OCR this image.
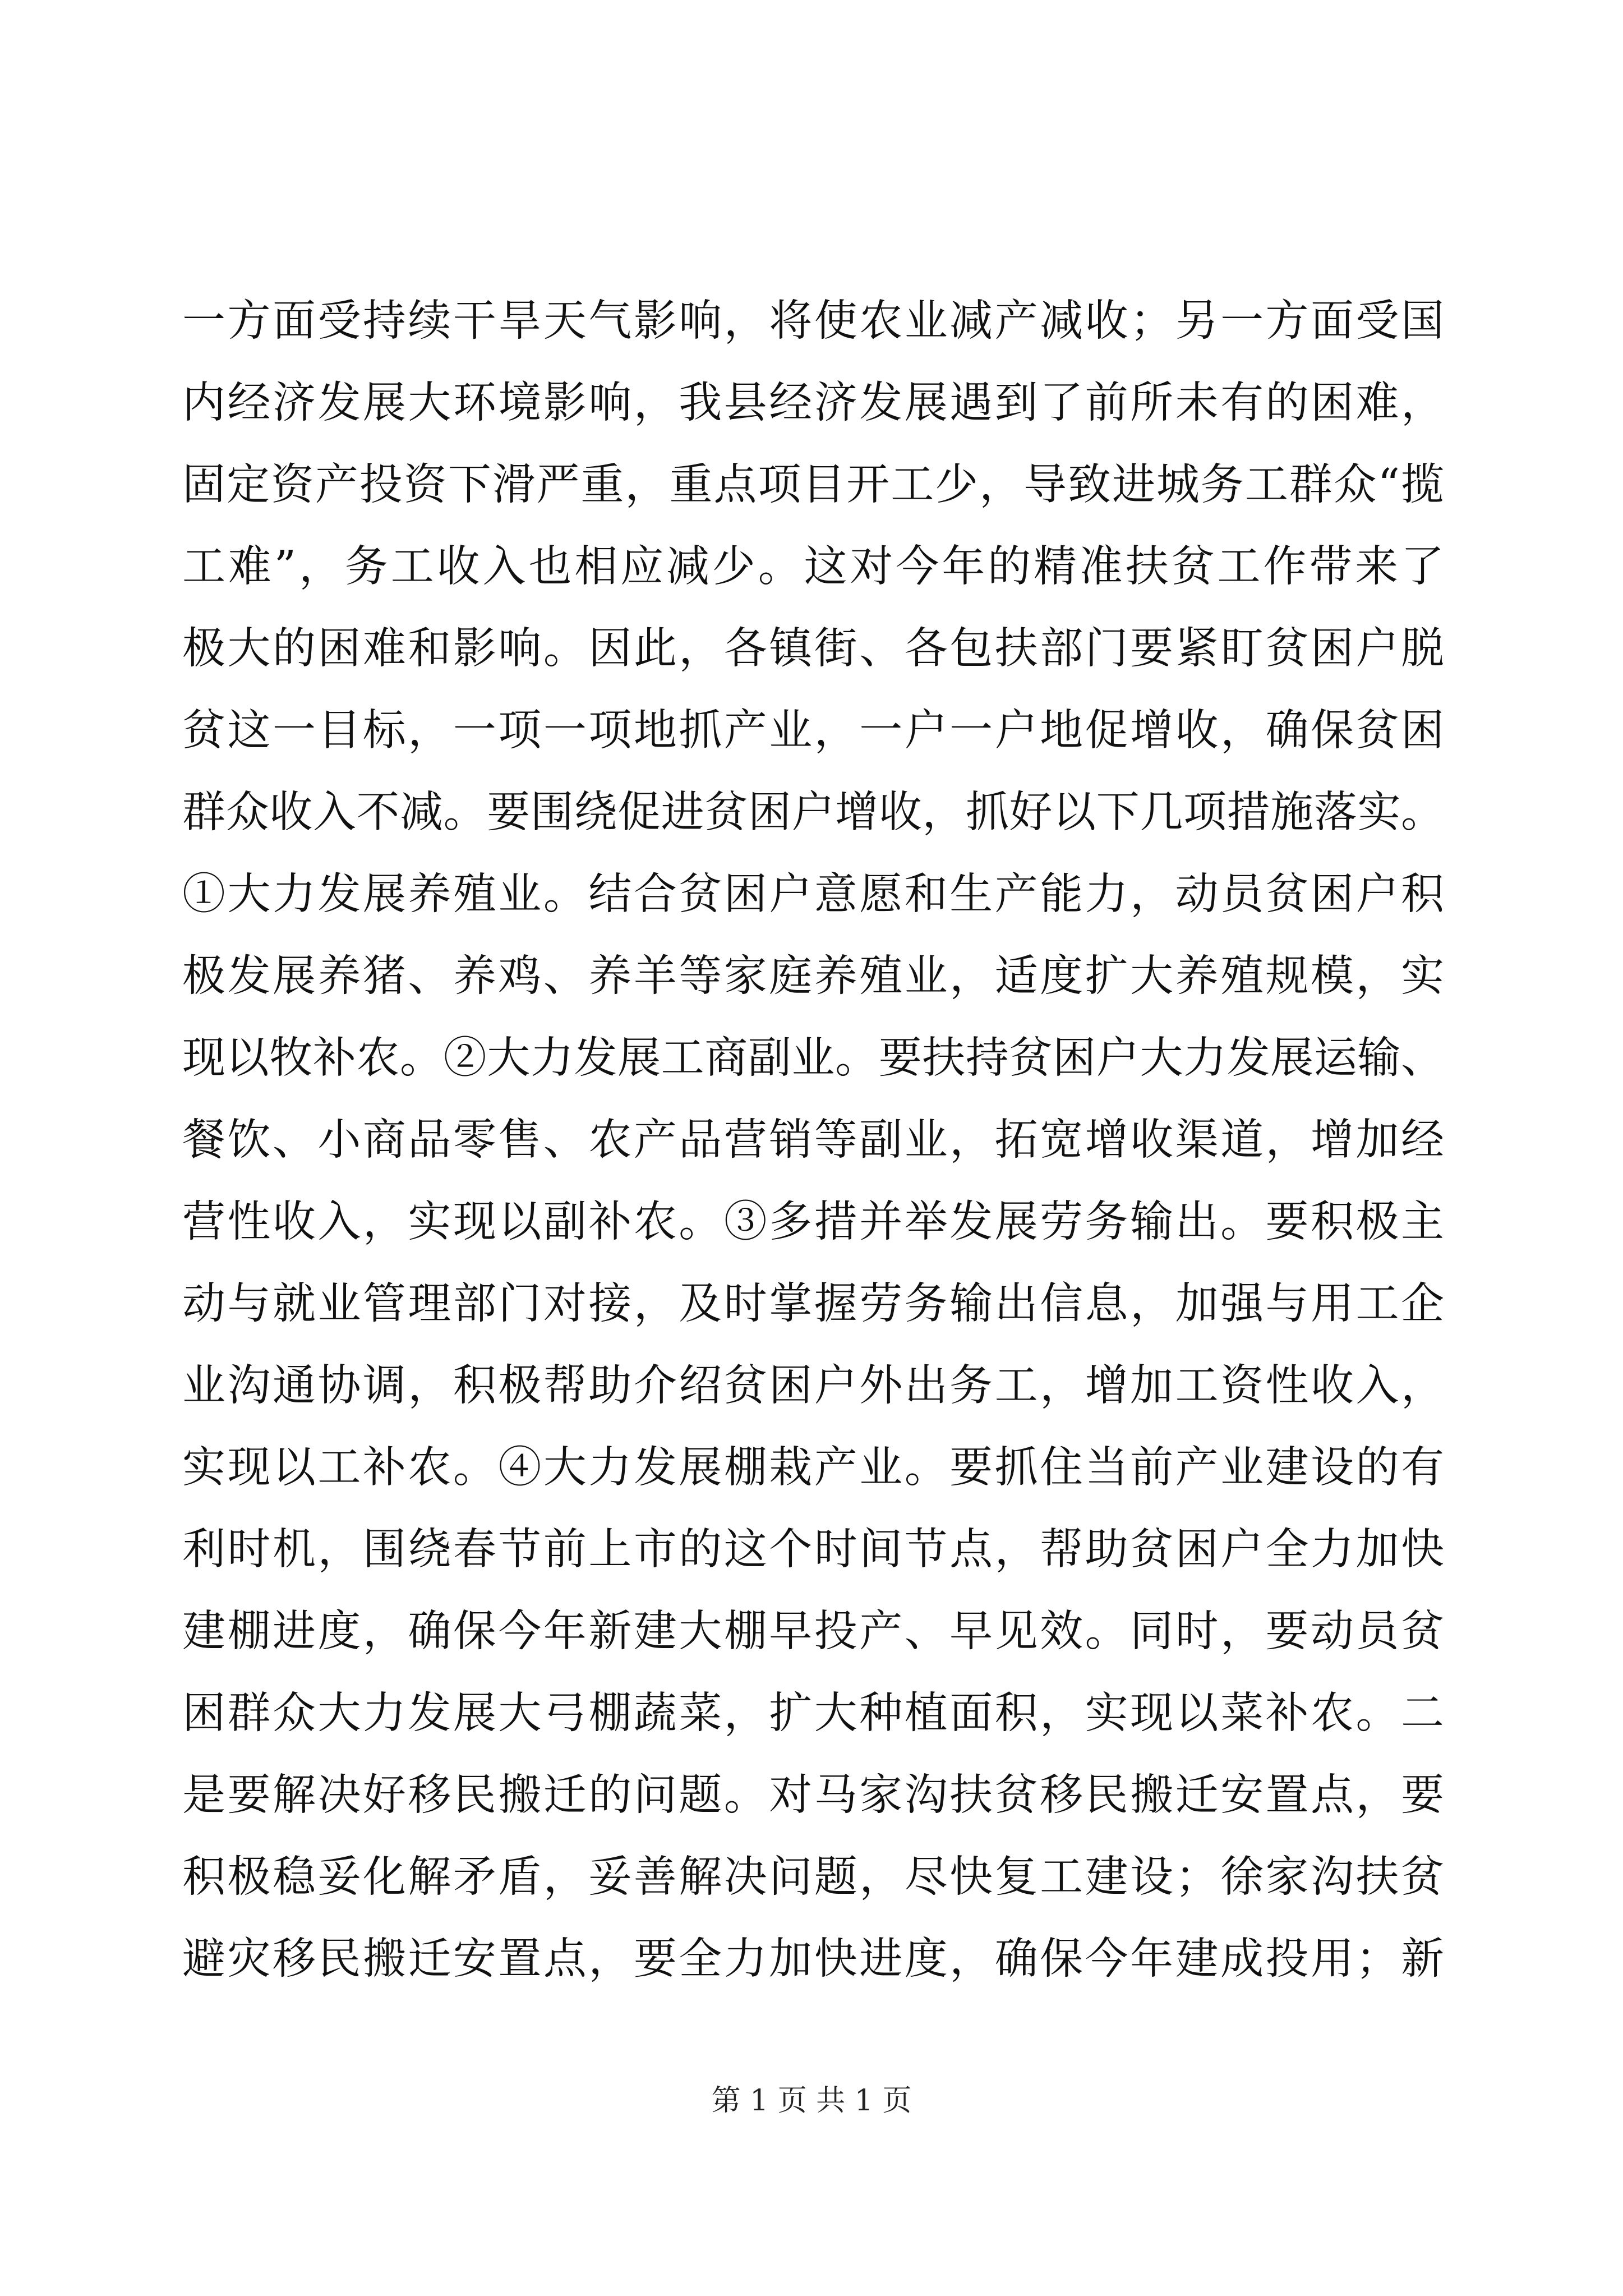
一方面受持续干旱天气影响，将使农业减产减收；另一方面受国
内经济发展大环境影响，我县经济发展遇到了前所未有的困难，
固定资产投资下滑严重，重点项目开工少，导致进城务工群众“揽
工难”，务工收入也相应减少。这对今年的精准扶贫工作带来了
极大的困难和影响。因此，各镇街、各包扶部门要紧盯贫困户脱
贫这一目标，一项一项地抓产业，一户一户地促增收，确保贫困
群众收入不减。要围绕促进贫困户增收，抓好以下几项措施落实。
①大力发展养殖业。结合贫困户意愿和生产能力，动员贫困户积
极发展养猪、养鸡、养羊等家庭养殖业，适度扩大养殖规模，实
现以牧补农。②大力发展工商副业。要扶持贫困户大力发展运输、
餐饮、小商品零售、农产品营销等副业，拓宽增收渠道，增加经
营性收入，实现以副补农。③多措并举发展劳务输出。要积极主
动与就业管理部门对接，及时掌握劳务输出信息，加强与用工企
业沟通协调，积极帮助介绍贫困户外出务工，增加工资性收入，
实现以工补农。④大力发展棚栽产业。要抓住当前产业建设的有
利时机，围绕春节前上市的这个时间节点，帮助贫困户全力加快
建棚进度，确保今年新建大棚早投产、早见效。同时，要动员贫
困群众大力发展大弓棚蔬菜，扩大种植面积，实现以菜补农。二
是要解决好移民搬迁的问题。对马家沟扶贫移民搬迁安置点，要
积极稳妥化解矛盾，妥善解决问题，尽快复工建设；徐家沟扶贫
避灾移民搬迁安置点，要全力加快进度，确保今年建成投用；新
第 1 页 共 1 页
